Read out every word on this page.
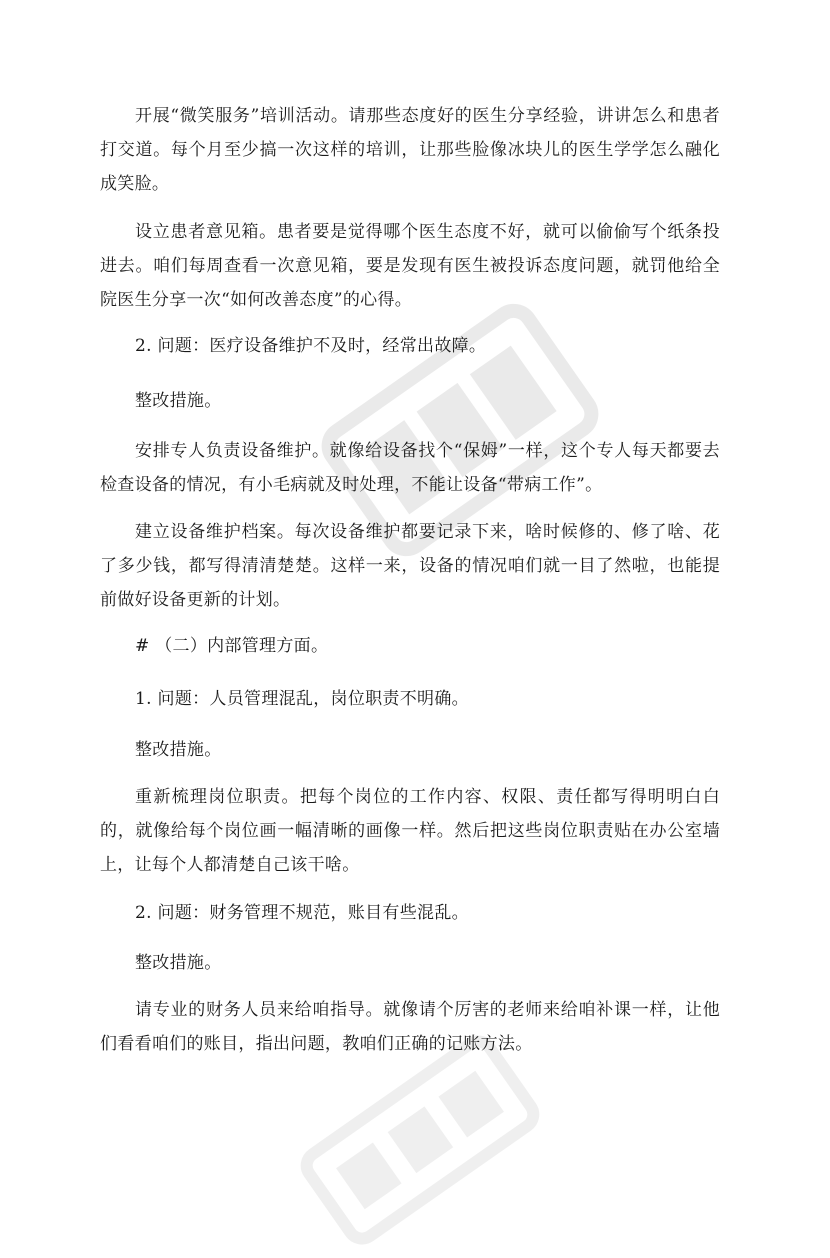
开展“微笑服务”培训活动。请那些态度好的医生分享经验，讲讲怎么和患者打交道。每个月至少搞一次这样的培训，让那些脸像冰块儿的医生学学怎么融化成笑脸。

设立患者意见箱。患者要是觉得哪个医生态度不好，就可以偷偷写个纸条投进去。咱们每周查看一次意见箱，要是发现有医生被投诉态度问题，就罚他给全院医生分享一次“如何改善态度”的心得。

2. 问题：医疗设备维护不及时，经常出故障。

整改措施。

安排专人负责设备维护。就像给设备找个“保姆”一样，这个专人每天都要去检查设备的情况，有小毛病就及时处理，不能让设备“带病工作”。

建立设备维护档案。每次设备维护都要记录下来，啥时候修的、修了啥、花了多少钱，都写得清清楚楚。这样一来，设备的情况咱们就一目了然啦，也能提前做好设备更新的计划。

# （二）内部管理方面。

1. 问题：人员管理混乱，岗位职责不明确。

整改措施。

重新梳理岗位职责。把每个岗位的工作内容、权限、责任都写得明明白白的，就像给每个岗位画一幅清晰的画像一样。然后把这些岗位职责贴在办公室墙上，让每个人都清楚自己该干啥。

2. 问题：财务管理不规范，账目有些混乱。

整改措施。

请专业的财务人员来给咱指导。就像请个厉害的老师来给咱补课一样，让他们看看咱们的账目，指出问题，教咱们正确的记账方法。
